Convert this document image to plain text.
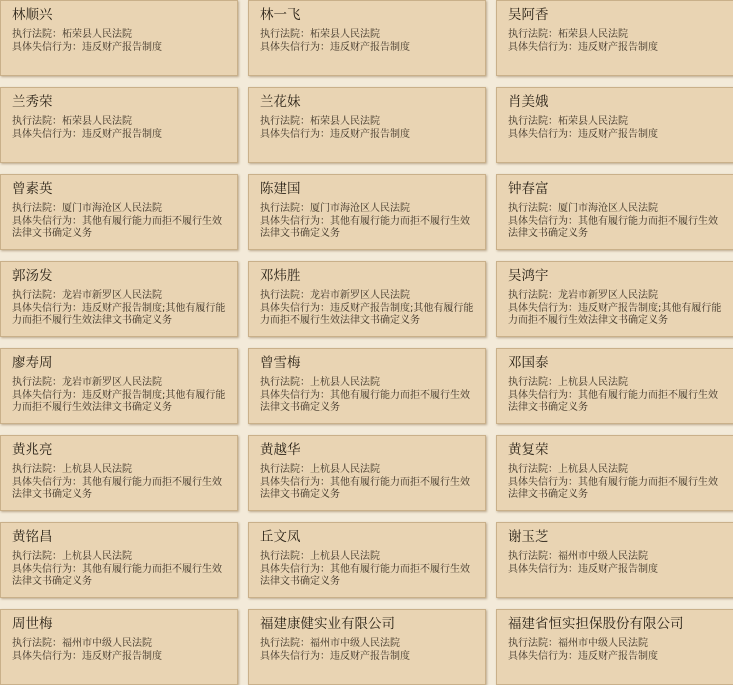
林顺兴
执行法院：柘荣县人民法院
具体失信行为：违反财产报告制度
林一飞
执行法院：柘荣县人民法院
具体失信行为：违反财产报告制度
吴阿香
执行法院：柘荣县人民法院
具体失信行为：违反财产报告制度
兰秀荣
执行法院：柘荣县人民法院
具体失信行为：违反财产报告制度
兰花妹
执行法院：柘荣县人民法院
具体失信行为：违反财产报告制度
肖美娥
执行法院：柘荣县人民法院
具体失信行为：违反财产报告制度
曾素英
执行法院：厦门市海沧区人民法院
具体失信行为：其他有履行能力而拒不履行生效法律文书确定义务
陈建国
执行法院：厦门市海沧区人民法院
具体失信行为：其他有履行能力而拒不履行生效法律文书确定义务
钟春富
执行法院：厦门市海沧区人民法院
具体失信行为：其他有履行能力而拒不履行生效法律文书确定义务
郭汤发
执行法院：龙岩市新罗区人民法院
具体失信行为：违反财产报告制度;其他有履行能力而拒不履行生效法律文书确定义务
邓炜胜
执行法院：龙岩市新罗区人民法院
具体失信行为：违反财产报告制度;其他有履行能力而拒不履行生效法律文书确定义务
吴鸿宇
执行法院：龙岩市新罗区人民法院
具体失信行为：违反财产报告制度;其他有履行能力而拒不履行生效法律文书确定义务
廖寿周
执行法院：龙岩市新罗区人民法院
具体失信行为：违反财产报告制度;其他有履行能力而拒不履行生效法律文书确定义务
曾雪梅
执行法院：上杭县人民法院
具体失信行为：其他有履行能力而拒不履行生效法律文书确定义务
邓国泰
执行法院：上杭县人民法院
具体失信行为：其他有履行能力而拒不履行生效法律文书确定义务
黄兆亮
执行法院：上杭县人民法院
具体失信行为：其他有履行能力而拒不履行生效法律文书确定义务
黄越华
执行法院：上杭县人民法院
具体失信行为：其他有履行能力而拒不履行生效法律文书确定义务
黄复荣
执行法院：上杭县人民法院
具体失信行为：其他有履行能力而拒不履行生效法律文书确定义务
黄铭昌
执行法院：上杭县人民法院
具体失信行为：其他有履行能力而拒不履行生效法律文书确定义务
丘文凤
执行法院：上杭县人民法院
具体失信行为：其他有履行能力而拒不履行生效法律文书确定义务
谢玉芝
执行法院：福州市中级人民法院
具体失信行为：违反财产报告制度
周世梅
执行法院：福州市中级人民法院
具体失信行为：违反财产报告制度
福建康健实业有限公司
执行法院：福州市中级人民法院
具体失信行为：违反财产报告制度
福建省恒实担保股份有限公司
执行法院：福州市中级人民法院
具体失信行为：违反财产报告制度
